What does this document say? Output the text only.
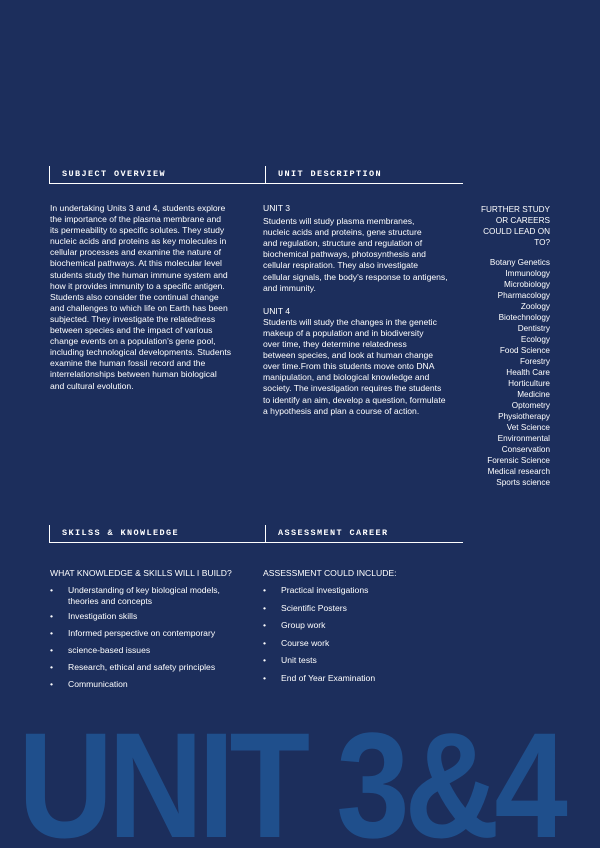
SUBJECT OVERVIEW	UNIT DESCRIPTION
In undertaking Units 3 and 4, students explore
the importance of the plasma membrane and
its permeability to specific solutes. They study
nucleic acids and proteins as key molecules in
cellular processes and examine the nature of
biochemical pathways. At this molecular level
students study the human immune system and
how it provides immunity to a specific antigen.
Students also consider the continual change
and challenges to which life on Earth has been
subjected. They investigate the relatedness
between species and the impact of various
change events on a population's gene pool,
including technological developments. Students
examine the human fossil record and the
interrelationships between human biological
and cultural evolution.
UNIT 3
Students will study plasma membranes,
nucleic acids and proteins, gene structure
and regulation, structure and regulation of
biochemical pathways, photosynthesis and
cellular respiration. They also investigate
cellular signals, the body's response to antigens,
and immunity.
UNIT 4
Students will study the changes in the genetic
makeup of a population and in biodiversity
over time, they determine relatedness
between species, and look at human change
over time.From this students move onto DNA
manipulation, and biological knowledge and
society. The investigation requires the students
to identify an aim, develop a question, formulate
a hypothesis and plan a course of action.
FURTHER STUDY
OR CAREERS
COULD LEAD ON
TO?
Botany Genetics
Immunology
Microbiology
Pharmacology
Zoology
Biotechnology
Dentistry
Ecology
Food Science
Forestry
Health Care
Horticulture
Medicine
Optometry
Physiotherapy
Vet Science
Environmental
Conservation
Forensic Science
Medical research
Sports science
SKILSS & KNOWLEDGE	ASSESSMENT CAREER
WHAT KNOWLEDGE & SKILLS WILL I BUILD?
• Understanding of key biological models,
theories and concepts
• Investigation skills
• Informed perspective on contemporary
• science-based issues
• Research, ethical and safety principles
• Communication
ASSESSMENT COULD INCLUDE:
• Practical investigations
• Scientific Posters
• Group work
• Course work
• Unit tests
• End of Year Examination
UNIT 3&4
